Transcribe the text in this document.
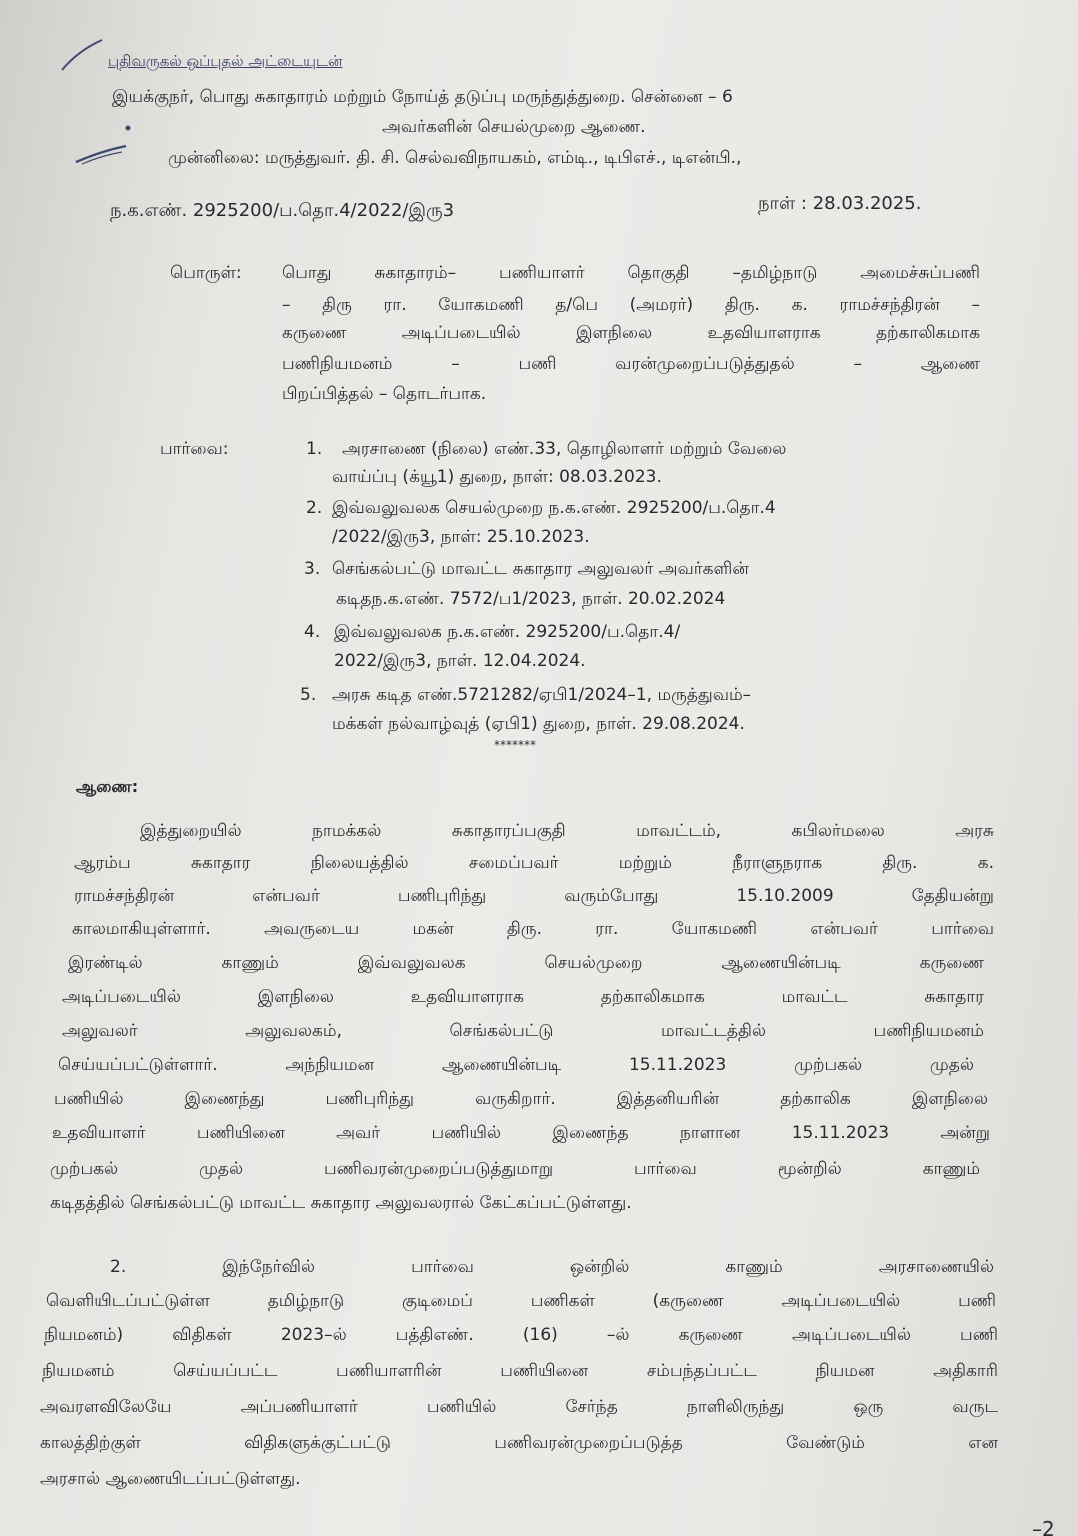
புதிவருகல் ஒப்புதல் அட்டையுடன்
இயக்குநர், பொது சுகாதாரம் மற்றும் நோய்த் தடுப்பு மருந்துத்துறை. சென்னை – 6
அவர்களின் செயல்முறை ஆணை.
முன்னிலை: மருத்துவர். தி. சி. செல்வவிநாயகம், எம்டி., டிபிஎச்., டிஎன்பி.,
ந.க.எண். 2925200/ப.தொ.4/2022/இரு3	நாள் : 28.03.2025.
பொருள்: பொது சுகாதாரம்– பணியாளர் தொகுதி –தமிழ்நாடு அமைச்சுப்பணி
– திரு ரா. யோகமணி த/பெ (அமரர்) திரு. க. ராமச்சந்திரன் –
கருணை அடிப்படையில் இளநிலை உதவியாளராக தற்காலிகமாக
பணிநியமனம் – பணி வரன்முறைப்படுத்துதல் – ஆணை
பிறப்பித்தல் – தொடர்பாக.
பார்வை:	1. அரசாணை (நிலை) எண்.33, தொழிலாளர் மற்றும் வேலை
வாய்ப்பு (க்யூ1) துறை, நாள்: 08.03.2023.
2. இவ்வலுவலக செயல்முறை ந.க.எண். 2925200/ப.தொ.4
/2022/இரு3, நாள்: 25.10.2023.
3. செங்கல்பட்டு மாவட்ட சுகாதார அலுவலர் அவர்களின்
கடிதந.க.எண். 7572/ப1/2023, நாள். 20.02.2024
4. இவ்வலுவலக ந.க.எண். 2925200/ப.தொ.4/
2022/இரு3, நாள். 12.04.2024.
5. அரசு கடித எண்.5721282/ஏபி1/2024–1, மருத்துவம்–
மக்கள் நல்வாழ்வுத் (ஏபி1) துறை, நாள். 29.08.2024.
*******
ஆணை:
இத்துறையில் நாமக்கல் சுகாதாரப்பகுதி மாவட்டம், கபிலர்மலை அரசு
ஆரம்ப சுகாதார நிலையத்தில் சமைப்பவர் மற்றும் நீராளுநராக திரு. க.
ராமச்சந்திரன் என்பவர் பணிபுரிந்து வரும்போது 15.10.2009 தேதியன்று
காலமாகியுள்ளார். அவருடைய மகன் திரு. ரா. யோகமணி என்பவர் பார்வை
இரண்டில் காணும் இவ்வலுவலக செயல்முறை ஆணையின்படி கருணை
அடிப்படையில் இளநிலை உதவியாளராக தற்காலிகமாக மாவட்ட சுகாதார
அலுவலர் அலுவலகம், செங்கல்பட்டு மாவட்டத்தில் பணிநியமனம்
செய்யப்பட்டுள்ளார். அந்நியமன ஆணையின்படி 15.11.2023 முற்பகல் முதல்
பணியில் இணைந்து பணிபுரிந்து வருகிறார். இத்தனியரின் தற்காலிக இளநிலை
உதவியாளர் பணியினை அவர் பணியில் இணைந்த நாளான 15.11.2023 அன்று
முற்பகல் முதல் பணிவரன்முறைப்படுத்துமாறு பார்வை மூன்றில் காணும்
கடிதத்தில் செங்கல்பட்டு மாவட்ட சுகாதார அலுவலரால் கேட்கப்பட்டுள்ளது.
2. இந்நேர்வில் பார்வை ஒன்றில் காணும் அரசாணையில்
வெளியிடப்பட்டுள்ள தமிழ்நாடு குடிமைப் பணிகள் (கருணை அடிப்படையில் பணி
நியமனம்) விதிகள் 2023–ல் பத்திஎண். (16) –ல் கருணை அடிப்படையில் பணி
நியமனம் செய்யப்பட்ட பணியாளரின் பணியினை சம்பந்தப்பட்ட நியமன அதிகாரி
அவரளவிலேயே அப்பணியாளர் பணியில் சேர்ந்த நாளிலிருந்து ஒரு வருட
காலத்திற்குள் விதிகளுக்குட்பட்டு பணிவரன்முறைப்படுத்த வேண்டும் என
அரசால் ஆணையிடப்பட்டுள்ளது.
–2
